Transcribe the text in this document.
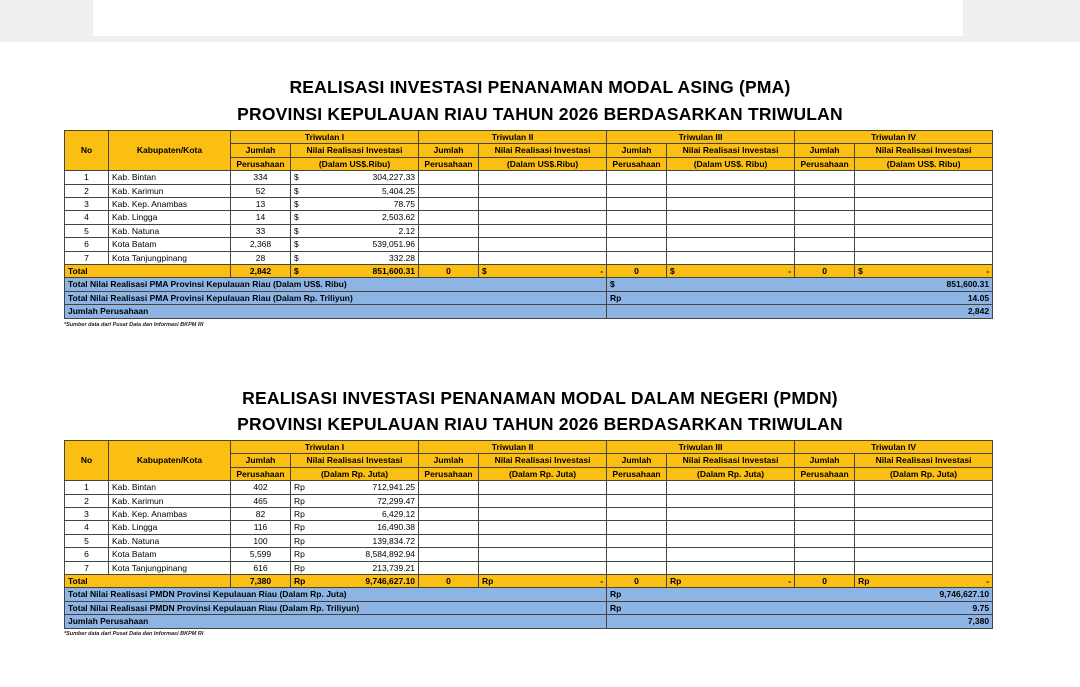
REALISASI INVESTASI PENANAMAN MODAL ASING (PMA)
PROVINSI KEPULAUAN RIAU TAHUN 2026 BERDASARKAN TRIWULAN
No	Kabupaten/Kota	Triwulan I			Triwulan II			Triwulan III			Triwulan IV		
		Jumlah	Nilai Realisasi Investasi		Jumlah	Nilai Realisasi Investasi		Jumlah	Nilai Realisasi Investasi		Jumlah	Nilai Realisasi Investasi	
		Perusahaan	(Dalam US$.Ribu)		Perusahaan	(Dalam US$.Ribu)		Perusahaan	(Dalam US$. Ribu)		Perusahaan	(Dalam US$. Ribu)	
1	Kab. Bintan	334	$	304,227.33									
2	Kab. Karimun	52	$	5,404.25									
3	Kab. Kep. Anambas	13	$	78.75									
4	Kab. Lingga	14	$	2,503.62									
5	Kab. Natuna	33	$	2.12									
6	Kota Batam	2,368	$	539,051.96									
7	Kota Tanjungpinang	28	$	332.28									
Total		2,842	$	851,600.31	0	$	-	0	$	-	0	$	-
Total Nilai Realisasi PMA Provinsi Kepulauan Riau (Dalam US$. Ribu)								$	851,600.31				
Total Nilai Realisasi PMA Provinsi Kepulauan Riau (Dalam Rp. Triliyun)								Rp	14.05				
Jumlah Perusahaan									2,842				
*Sumber data dari Pusat Data dan Informasi BKPM RI
REALISASI INVESTASI PENANAMAN MODAL DALAM NEGERI (PMDN)
PROVINSI KEPULAUAN RIAU TAHUN 2026 BERDASARKAN TRIWULAN
No	Kabupaten/Kota	Triwulan I			Triwulan II			Triwulan III			Triwulan IV		
		Jumlah	Nilai Realisasi Investasi		Jumlah	Nilai Realisasi Investasi		Jumlah	Nilai Realisasi Investasi		Jumlah	Nilai Realisasi Investasi	
		Perusahaan	(Dalam Rp. Juta)		Perusahaan	(Dalam Rp. Juta)		Perusahaan	(Dalam Rp. Juta)		Perusahaan	(Dalam Rp. Juta)	
1	Kab. Bintan	402	Rp	712,941.25									
2	Kab. Karimun	465	Rp	72,299.47									
3	Kab. Kep. Anambas	82	Rp	6,429.12									
4	Kab. Lingga	116	Rp	16,490.38									
5	Kab. Natuna	100	Rp	139,834.72									
6	Kota Batam	5,599	Rp	8,584,892.94									
7	Kota Tanjungpinang	616	Rp	213,739.21									
Total		7,380	Rp	9,746,627.10	0	Rp	-	0	Rp	-	0	Rp	-
Total Nilai Realisasi PMDN Provinsi Kepulauan Riau (Dalam Rp. Juta)								Rp	9,746,627.10				
Total Nilai Realisasi PMDN Provinsi Kepulauan Riau (Dalam Rp. Triliyun)								Rp	9.75				
Jumlah Perusahaan									7,380				
*Sumber data dari Pusat Data dan Informasi BKPM RI
